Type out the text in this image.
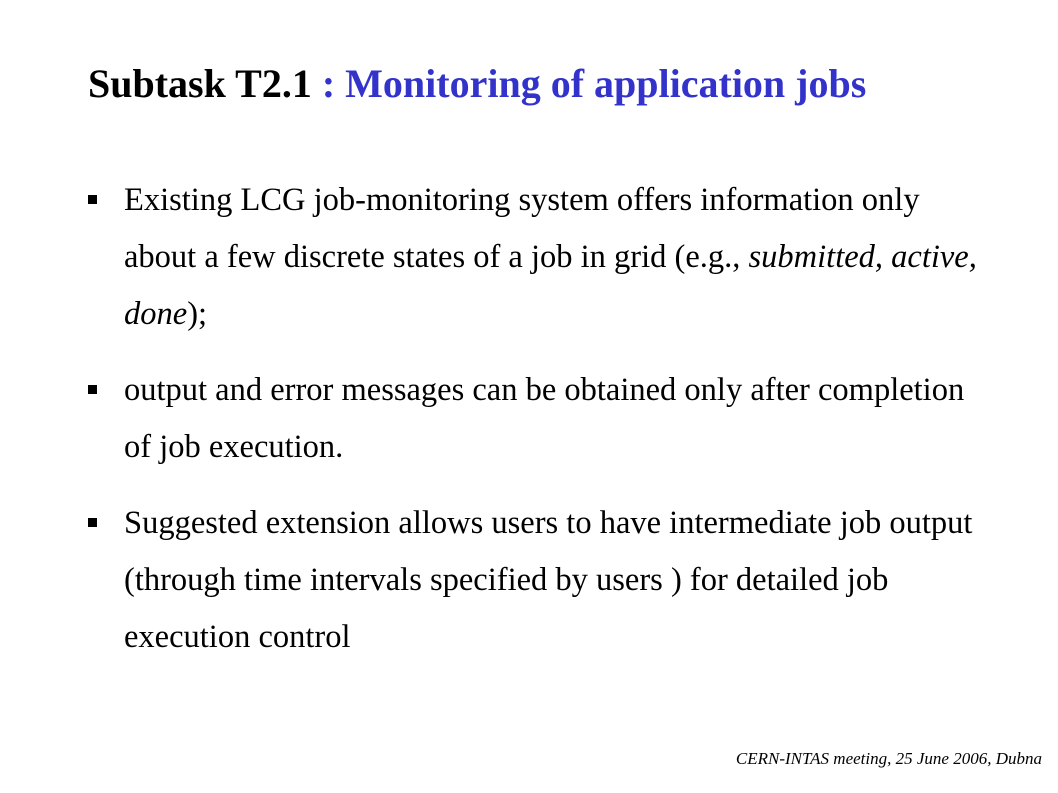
Subtask T2.1 : Monitoring of application jobs
Existing LCG job-monitoring system offers information only about a few discrete states of a job in grid (e.g., submitted, active, done);
output and error messages can be obtained only after completion of job execution.
Suggested extension allows users to have intermediate job output (through time intervals specified by users ) for detailed job execution control
CERN-INTAS meeting, 25 June 2006, Dubna
